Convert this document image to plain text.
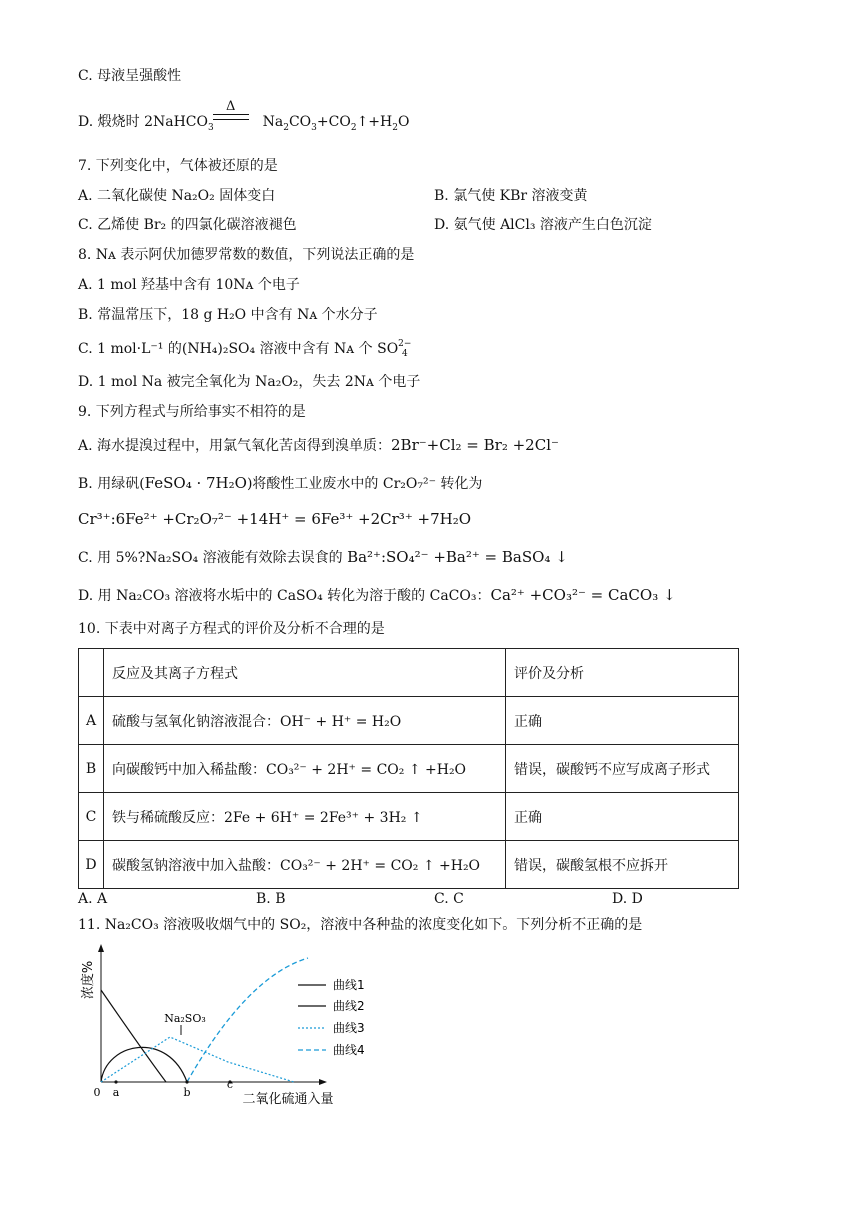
C. 母液呈强酸性
D. 煅烧时 2NaHCO$_3$	$Na_2CO_3+CO_2↑+H_2O$
Δ
7. 下列变化中，气体被还原的是
A. 二氧化碳使 Na₂O₂ 固体变白	B. 氯气使 KBr 溶液变黄
C. 乙烯使 Br₂ 的四氯化碳溶液褪色	D. 氨气使 AlCl₃ 溶液产生白色沉淀
8. Nᴀ 表示阿伏加德罗常数的数值，下列说法正确的是
A. 1 mol 羟基中含有 10Nᴀ 个电子
B. 常温常压下，18 g H₂O 中含有 Nᴀ 个水分子
C. 1 mol·L⁻¹ 的(NH₄)₂SO₄ 溶液中含有 Nᴀ 个 SO2−
4
D. 1 mol Na 被完全氧化为 Na₂O₂，失去 2Nᴀ 个电子
9. 下列方程式与所给事实不相符的是
A. 海水提溴过程中，用氯气氧化苦卤得到溴单质：2Br⁻+Cl₂ = Br₂ +2Cl⁻
B. 用绿矾(FeSO₄ · 7H₂O)将酸性工业废水中的 Cr₂O₇²⁻ 转化为
Cr³⁺:6Fe²⁺ +Cr₂O₇²⁻ +14H⁺ = 6Fe³⁺ +2Cr³⁺ +7H₂O
C. 用 5%?Na₂SO₄ 溶液能有效除去误食的 Ba²⁺:SO₄²⁻ +Ba²⁺ = BaSO₄ ↓
D. 用 Na₂CO₃ 溶液将水垢中的 CaSO₄ 转化为溶于酸的 CaCO₃：Ca²⁺ +CO₃²⁻ = CaCO₃ ↓
10. 下表中对离子方程式的评价及分析不合理的是
	反应及其离子方程式	评价及分析
A	硫酸与氢氧化钠溶液混合：OH⁻ + H⁺ = H₂O	正确
B	向碳酸钙中加入稀盐酸：CO₃²⁻ + 2H⁺ = CO₂ ↑ +H₂O	错误，碳酸钙不应写成离子形式
C	铁与稀硫酸反应：2Fe + 6H⁺ = 2Fe³⁺ + 3H₂ ↑	正确
D	碳酸氢钠溶液中加入盐酸：CO₃²⁻ + 2H⁺ = CO₂ ↑ +H₂O	错误，碳酸氢根不应拆开
A. A	B. B	C. C	D. D
11. Na₂CO₃ 溶液吸收烟气中的 SO₂，溶液中各种盐的浓度变化如下。下列分析不正确的是
浓度%
Na₂SO₃
0 a	b
c
二氧化硫通入量
曲线1
曲线2
曲线3
曲线4
